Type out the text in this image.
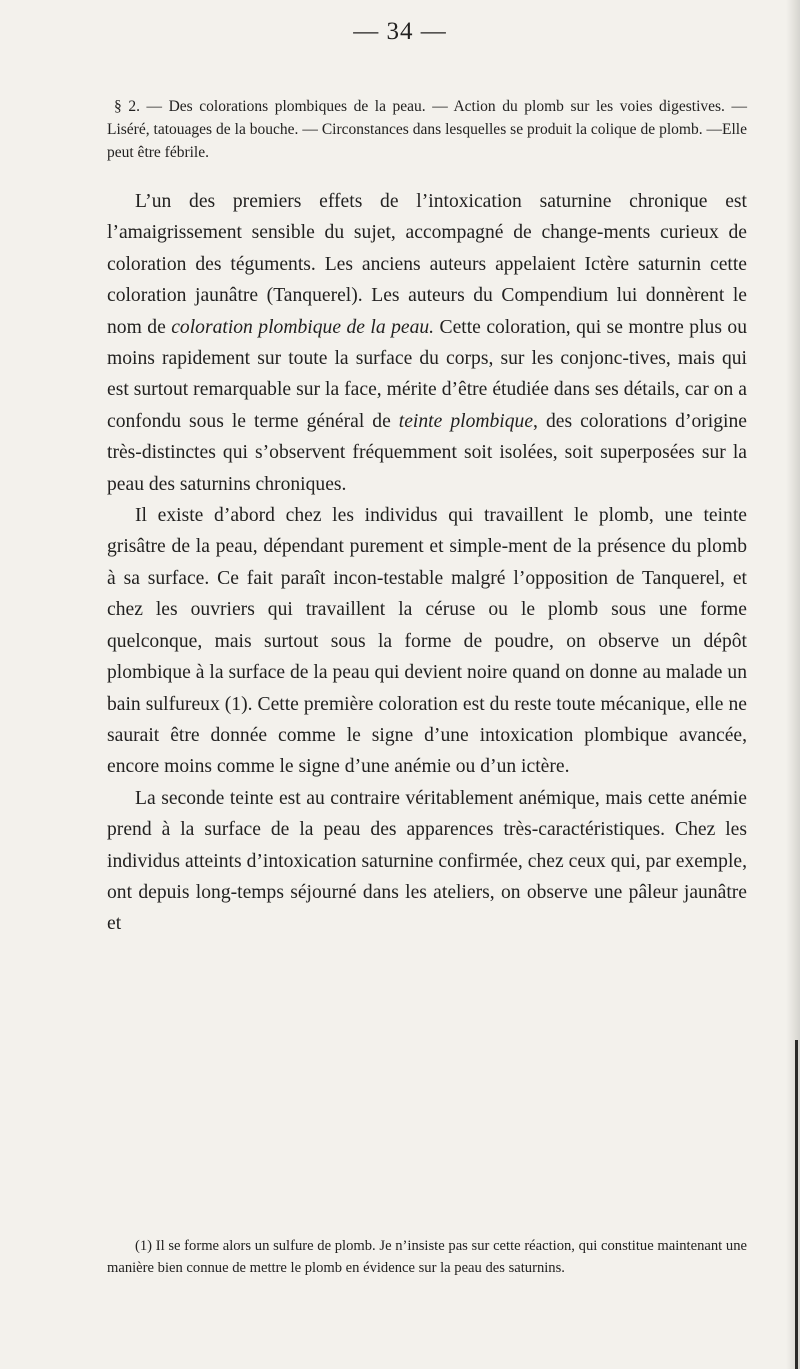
— 34 —
§ 2. — Des colorations plombiques de la peau. — Action du plomb sur les voies digestives. — Liséré, tatouages de la bouche. — Circonstances dans lesquelles se produit la colique de plomb. —Elle peut être fébrile.

L’un des premiers effets de l’intoxication saturnine chronique est l’amaigrissement sensible du sujet, accompagné de change-ments curieux de coloration des téguments. Les anciens auteurs appelaient Ictère saturnin cette coloration jaunâtre (Tanquerel). Les auteurs du Compendium lui donnèrent le nom de coloration plombique de la peau. Cette coloration, qui se montre plus ou moins rapidement sur toute la surface du corps, sur les conjonc-tives, mais qui est surtout remarquable sur la face, mérite d’être étudiée dans ses détails, car on a confondu sous le terme général de teinte plombique, des colorations d’origine très-distinctes qui s’observent fréquemment soit isolées, soit superposées sur la peau des saturnins chroniques.

Il existe d’abord chez les individus qui travaillent le plomb, une teinte grisâtre de la peau, dépendant purement et simple-ment de la présence du plomb à sa surface. Ce fait paraît incon-testable malgré l’opposition de Tanquerel, et chez les ouvriers qui travaillent la céruse ou le plomb sous une forme quelconque, mais surtout sous la forme de poudre, on observe un dépôt plombique à la surface de la peau qui devient noire quand on donne au malade un bain sulfureux (1). Cette première coloration est du reste toute mécanique, elle ne saurait être donnée comme le signe d’une intoxication plombique avancée, encore moins comme le signe d’une anémie ou d’un ictère.

La seconde teinte est au contraire véritablement anémique, mais cette anémie prend à la surface de la peau des apparences très-caractéristiques. Chez les individus atteints d’intoxication saturnine confirmée, chez ceux qui, par exemple, ont depuis long-temps séjourné dans les ateliers, on observe une pâleur jaunâtre et

(1) Il se forme alors un sulfure de plomb. Je n’insiste pas sur cette réaction, qui constitue maintenant une manière bien connue de mettre le plomb en évidence sur la peau des saturnins.
